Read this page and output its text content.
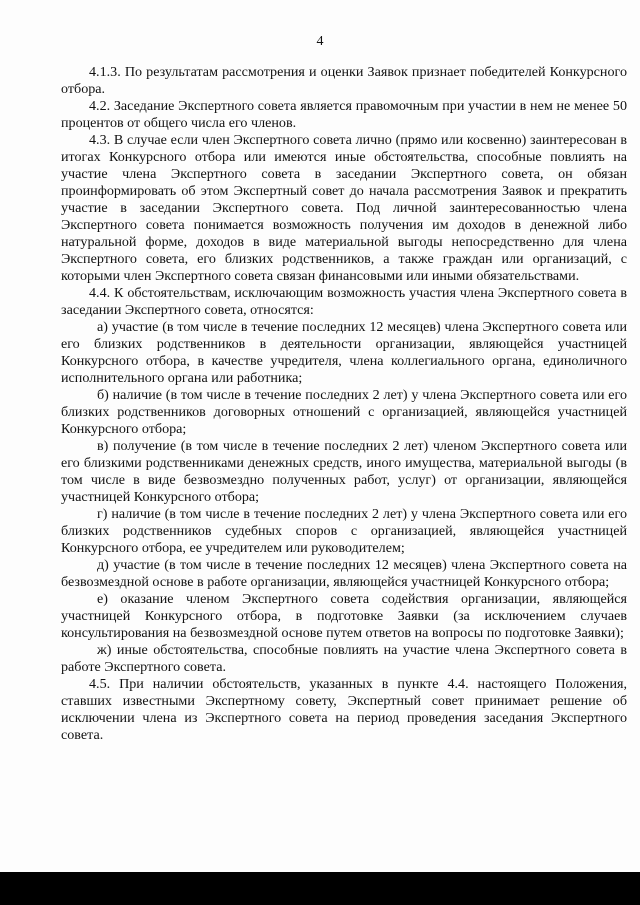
4

4.1.3. По результатам рассмотрения и оценки Заявок признает победителей Конкурсного отбора.

4.2. Заседание Экспертного совета является правомочным при участии в нем не менее 50 процентов от общего числа его членов.

4.3. В случае если член Экспертного совета лично (прямо или косвенно) заинтересован в итогах Конкурсного отбора или имеются иные обстоятельства, способные повлиять на участие члена Экспертного совета в заседании Экспертного совета, он обязан проинформировать об этом Экспертный совет до начала рассмотрения Заявок и прекратить участие в заседании Экспертного совета. Под личной заинтересованностью члена Экспертного совета понимается возможность получения им доходов в денежной либо натуральной форме, доходов в виде материальной выгоды непосредственно для члена Экспертного совета, его близких родственников, а также граждан или организаций, с которыми член Экспертного совета связан финансовыми или иными обязательствами.

4.4. К обстоятельствам, исключающим возможность участия члена Экспертного совета в заседании Экспертного совета, относятся:

а) участие (в том числе в течение последних 12 месяцев) члена Экспертного совета или его близких родственников в деятельности организации, являющейся участницей Конкурсного отбора, в качестве учредителя, члена коллегиального органа, единоличного исполнительного органа или работника;

б) наличие (в том числе в течение последних 2 лет) у члена Экспертного совета или его близких родственников договорных отношений с организацией, являющейся участницей Конкурсного отбора;

в) получение (в том числе в течение последних 2 лет) членом Экспертного совета или его близкими родственниками денежных средств, иного имущества, материальной выгоды (в том числе в виде безвозмездно полученных работ, услуг) от организации, являющейся участницей Конкурсного отбора;

г) наличие (в том числе в течение последних 2 лет) у члена Экспертного совета или его близких родственников судебных споров с организацией, являющейся участницей Конкурсного отбора, ее учредителем или руководителем;

д) участие (в том числе в течение последних 12 месяцев) члена Экспертного совета на безвозмездной основе в работе организации, являющейся участницей Конкурсного отбора;

е) оказание членом Экспертного совета содействия организации, являющейся участницей Конкурсного отбора, в подготовке Заявки (за исключением случаев консультирования на безвозмездной основе путем ответов на вопросы по подготовке Заявки);

ж) иные обстоятельства, способные повлиять на участие члена Экспертного совета в работе Экспертного совета.

4.5. При наличии обстоятельств, указанных в пункте 4.4. настоящего Положения, ставших известными Экспертному совету, Экспертный совет принимает решение об исключении члена из Экспертного совета на период проведения заседания Экспертного совета.
